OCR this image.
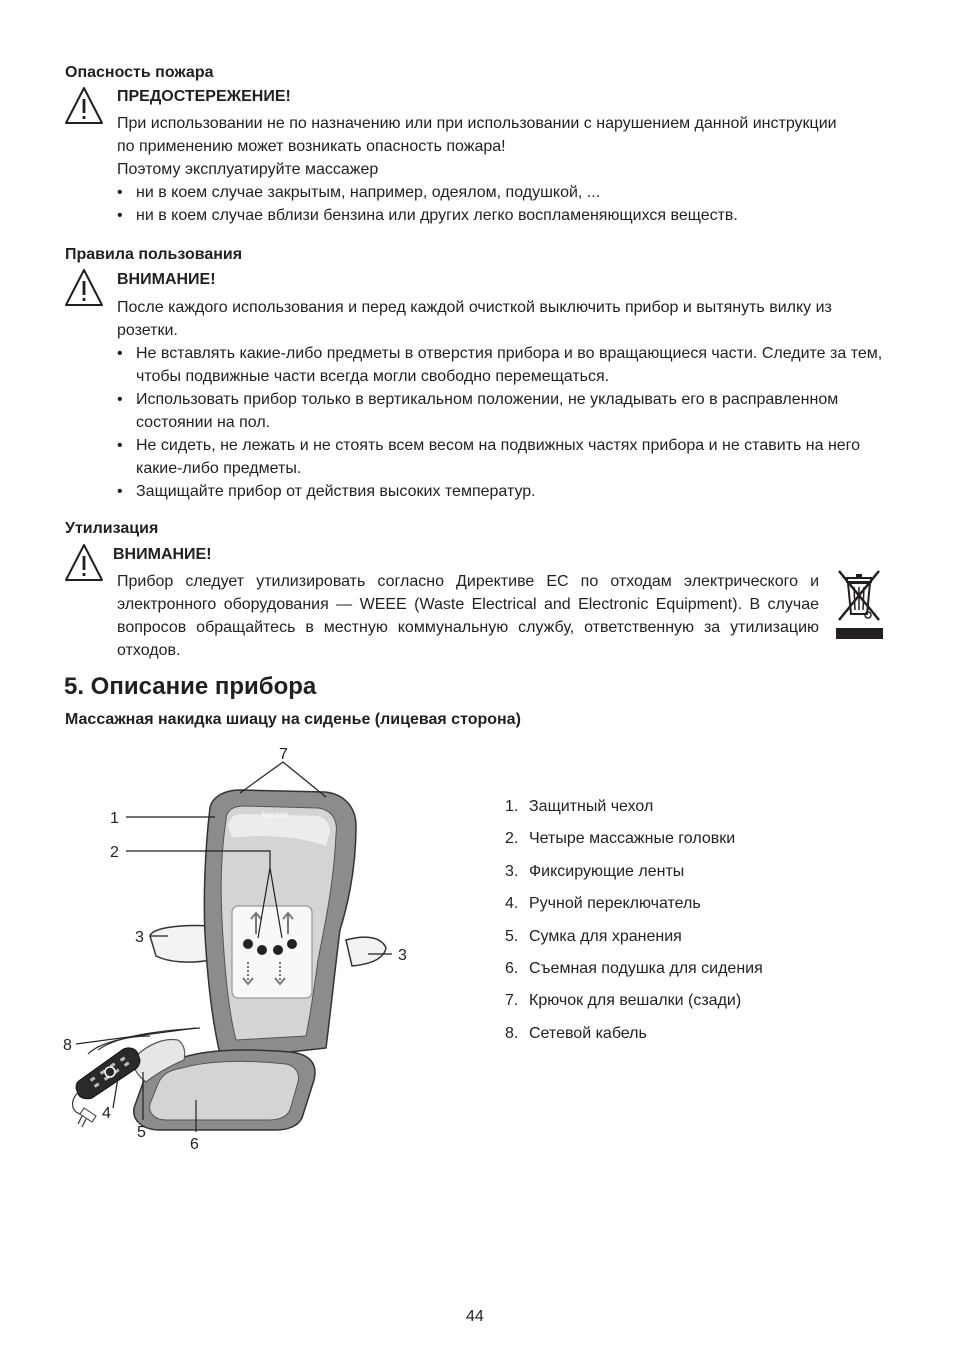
Опасность пожара
ПРЕДОСТЕРЕЖЕНИЕ!
При использовании не по назначению или при использовании с нарушением данной инструкции
по применению может возникать опасность пожара!
Поэтому эксплуатируйте массажер
• ни в коем случае закрытым, например, одеялом, подушкой, ...
• ни в коем случае вблизи бензина или других легко воспламеняющихся веществ.
Правила пользования
ВНИМАНИЕ!
После каждого использования и перед каждой очисткой выключить прибор и вытянуть вилку из розетки.
• Не вставлять какие-либо предметы в отверстия прибора и во вращающиеся части. Следите за тем, чтобы подвижные части всегда могли свободно перемещаться.
• Использовать прибор только в вертикальном положении, не укладывать его в расправленном состоянии на пол.
• Не сидеть, не лежать и не стоять всем весом на подвижных частях прибора и не ставить на него какие-либо предметы.
• Защищайте прибор от действия высоких температур.
Утилизация
ВНИМАНИЕ!
Прибор следует утилизировать согласно Директиве ЕС по отходам электрического и электронного оборудования — WEEE (Waste Electrical and Electronic Equipment). В случае вопросов обращайтесь в местную коммунальную службу, ответственную за утилизацию отходов.
5. Описание прибора
Массажная накидка шиацу на сиденье (лицевая сторона)
beurer
7
1
2
3
3
8
4
5
6
1. Защитный чехол
2. Четыре массажные головки
3. Фиксирующие ленты
4. Ручной переключатель
5. Сумка для хранения
6. Съемная подушка для сидения
7. Крючок для вешалки (сзади)
8. Сетевой кабель
44
